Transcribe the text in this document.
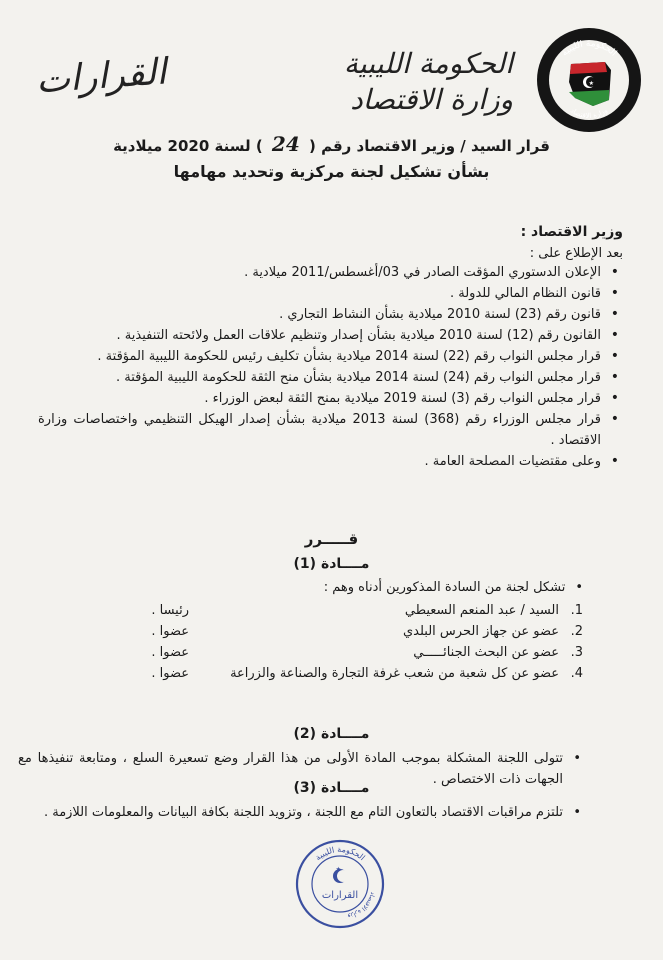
الحكومة الليبية
وزارة الاقتصاد
★
الحكومة الليبية
وزارة الاقتصاد
القرارات
قرار السيد / وزير الاقتصاد رقم ( 24 ) لسنة 2020 ميلادية
بشأن تشكيل لجنة مركزية وتحديد مهامها
وزير الاقتصاد :
بعد الإطلاع على :
• الإعلان الدستوري المؤقت الصادر في 03/أغسطس/2011 ميلادية .
• قانون النظام المالي للدولة .
• قانون رقم (23) لسنة 2010 ميلادية بشأن النشاط التجاري .
• القانون رقم (12) لسنة 2010 ميلادية بشأن إصدار وتنظيم علاقات العمل ولائحته التنفيذية .
• قرار مجلس النواب رقم (22) لسنة 2014 ميلادية بشأن تكليف رئيس للحكومة الليبية المؤقتة .
• قرار مجلس النواب رقم (24) لسنة 2014 ميلادية بشأن منح الثقة للحكومة الليبية المؤقتة .
• قرار مجلس النواب رقم (3) لسنة 2019 ميلادية بمنح الثقة لبعض الوزراء .
• قرار مجلس الوزراء رقم (368) لسنة 2013 ميلادية بشأن إصدار الهيكل التنظيمي واختصاصات وزارة الاقتصاد .
• وعلى مقتضيات المصلحة العامة .
قـــــرر
مــــادة (1)
• تشكل لجنة من السادة المذكورين أدناه وهم :
1.
السيد / عبد المنعم السعيطي
رئيسا .
2.
عضو عن جهاز الحرس البلدي
عضوا .
3.
عضو عن البحث الجنائـــــي
عضوا .
4.
عضو عن كل شعبة من شعب غرفة التجارة والصناعة والزراعة
عضوا .
مــــادة (2)
• تتولى اللجنة المشكلة بموجب المادة الأولى من هذا القرار وضع تسعيرة السلع ، ومتابعة تنفيذها مع الجهات ذات الاختصاص .
مــــادة (3)
• تلتزم مراقبات الاقتصاد بالتعاون التام مع اللجنة ، وتزويد اللجنة بكافة البيانات والمعلومات اللازمة .
الحكومة الليبية
وزارة الاقتصاد
★
القرارات
